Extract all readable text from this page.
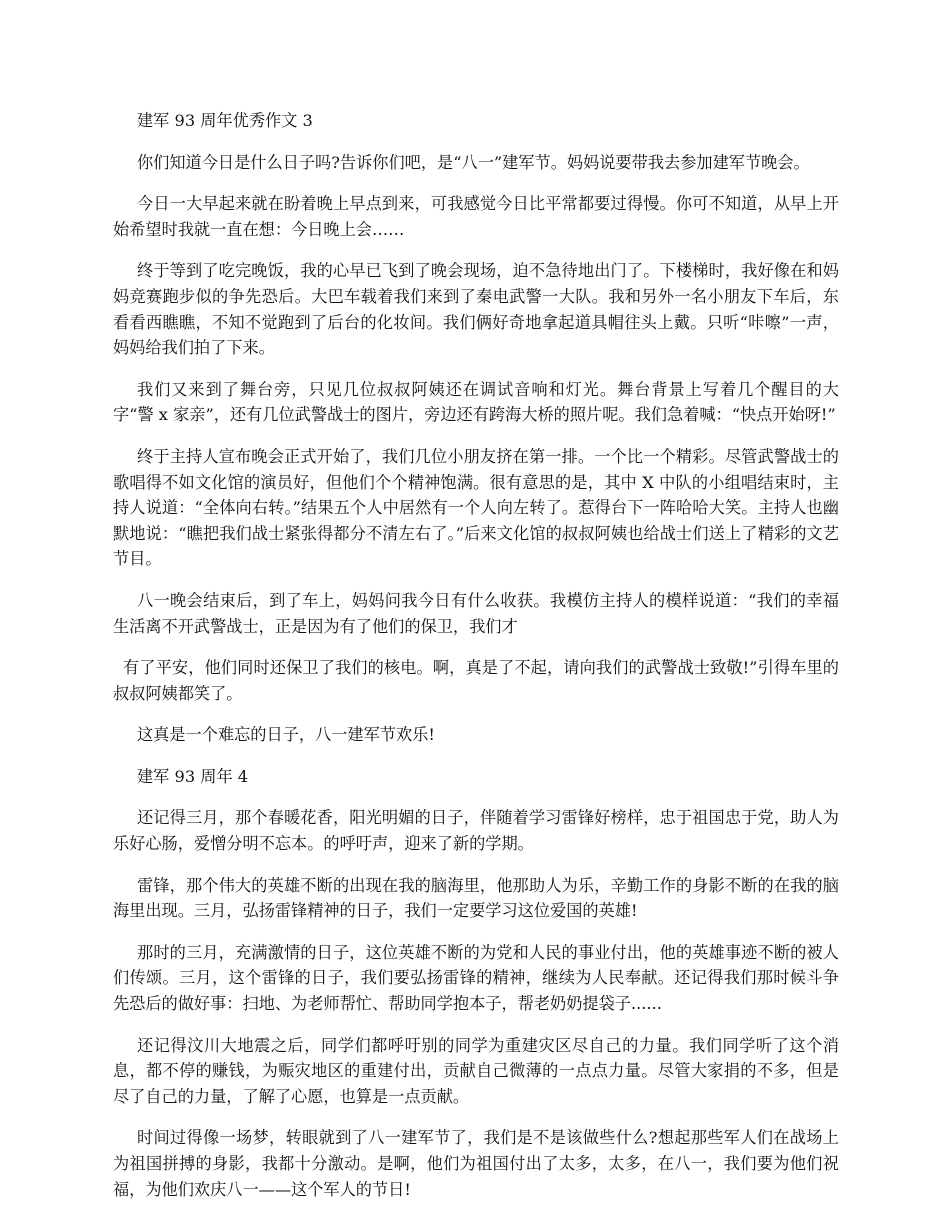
建军 93 周年优秀作文 3

你们知道今日是什么日子吗?告诉你们吧，是“八一”建军节。妈妈说要带我去参加建军节晚会。

今日一大早起来就在盼着晚上早点到来，可我感觉今日比平常都要过得慢。你可不知道，从早上开始希望时我就一直在想：今日晚上会……

终于等到了吃完晚饭，我的心早已飞到了晚会现场，迫不急待地出门了。下楼梯时，我好像在和妈妈竞赛跑步似的争先恐后。大巴车载着我们来到了秦电武警一大队。我和另外一名小朋友下车后，东看看西瞧瞧，不知不觉跑到了后台的化妆间。我们俩好奇地拿起道具帽往头上戴。只听“咔嚓”一声，妈妈给我们拍了下来。

我们又来到了舞台旁，只见几位叔叔阿姨还在调试音响和灯光。舞台背景上写着几个醒目的大字“警 x 家亲”，还有几位武警战士的图片，旁边还有跨海大桥的照片呢。我们急着喊：“快点开始呀!”

终于主持人宣布晚会正式开始了，我们几位小朋友挤在第一排。一个比一个精彩。尽管武警战士的歌唱得不如文化馆的演员好，但他们个个精神饱满。很有意思的是，其中 X 中队的小组唱结束时，主持人说道：“全体向右转。”结果五个人中居然有一个人向左转了。惹得台下一阵哈哈大笑。主持人也幽默地说：“瞧把我们战士紧张得都分不清左右了。”后来文化馆的叔叔阿姨也给战士们送上了精彩的文艺节目。

八一晚会结束后，到了车上，妈妈问我今日有什么收获。我模仿主持人的模样说道：“我们的幸福生活离不开武警战士，正是因为有了他们的保卫，我们才

有了平安，他们同时还保卫了我们的核电。啊，真是了不起，请向我们的武警战士致敬!”引得车里的叔叔阿姨都笑了。

这真是一个难忘的日子，八一建军节欢乐!

建军 93 周年 4

还记得三月，那个春暖花香，阳光明媚的日子，伴随着学习雷锋好榜样，忠于祖国忠于党，助人为乐好心肠，爱憎分明不忘本。的呼吁声，迎来了新的学期。

雷锋，那个伟大的英雄不断的出现在我的脑海里，他那助人为乐，辛勤工作的身影不断的在我的脑海里出现。三月，弘扬雷锋精神的日子，我们一定要学习这位爱国的英雄!

那时的三月，充满激情的日子，这位英雄不断的为党和人民的事业付出，他的英雄事迹不断的被人们传颂。三月，这个雷锋的日子，我们要弘扬雷锋的精神，继续为人民奉献。还记得我们那时候斗争先恐后的做好事：扫地、为老师帮忙、帮助同学抱本子，帮老奶奶提袋子......

还记得汶川大地震之后，同学们都呼吁别的同学为重建灾区尽自己的力量。我们同学听了这个消息，都不停的赚钱，为赈灾地区的重建付出，贡献自己微薄的一点点力量。尽管大家捐的不多，但是尽了自己的力量，了解了心愿，也算是一点贡献。

时间过得像一场梦，转眼就到了八一建军节了，我们是不是该做些什么?想起那些军人们在战场上为祖国拼搏的身影，我都十分激动。是啊，他们为祖国付出了太多，太多，在八一，我们要为他们祝福，为他们欢庆八一——这个军人的节日!
